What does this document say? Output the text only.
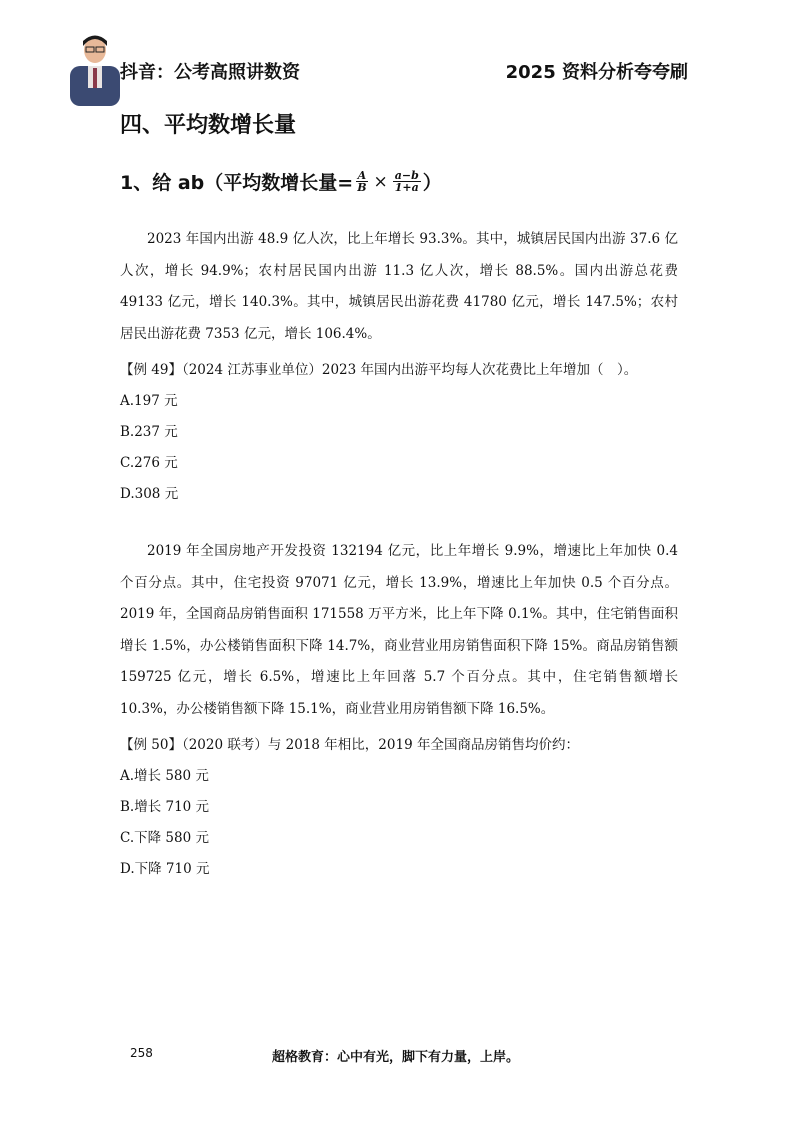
抖音：公考高照讲数资	2025 资料分析夸夸刷
四、平均数增长量
1、给 ab（平均数增长量= $\frac{A}{B} \times \frac{a-b}{1+a}$ ）

2023 年国内出游 48.9 亿人次，比上年增长 93.3%。其中，城镇居民国内出游 37.6 亿人次，增长 94.9%；农村居民国内出游 11.3 亿人次，增长 88.5%。国内出游总花费 49133 亿元，增长 140.3%。其中，城镇居民出游花费 41780 亿元，增长 147.5%；农村居民出游花费 7353 亿元，增长 106.4%。

【例 49】（2024 江苏事业单位）2023 年国内出游平均每人次花费比上年增加（　）。
A.197 元
B.237 元
C.276 元
D.308 元

2019 年全国房地产开发投资 132194 亿元，比上年增长 9.9%，增速比上年加快 0.4 个百分点。其中，住宅投资 97071 亿元，增长 13.9%，增速比上年加快 0.5 个百分点。2019 年，全国商品房销售面积 171558 万平方米，比上年下降 0.1%。其中，住宅销售面积增长 1.5%，办公楼销售面积下降 14.7%，商业营业用房销售面积下降 15%。商品房销售额 159725 亿元，增长 6.5%，增速比上年回落 5.7 个百分点。其中，住宅销售额增长 10.3%，办公楼销售额下降 15.1%，商业营业用房销售额下降 16.5%。

【例 50】（2020 联考）与 2018 年相比，2019 年全国商品房销售均价约：
A.增长 580 元
B.增长 710 元
C.下降 580 元
D.下降 710 元
258	超格教育：心中有光，脚下有力量，上岸。
